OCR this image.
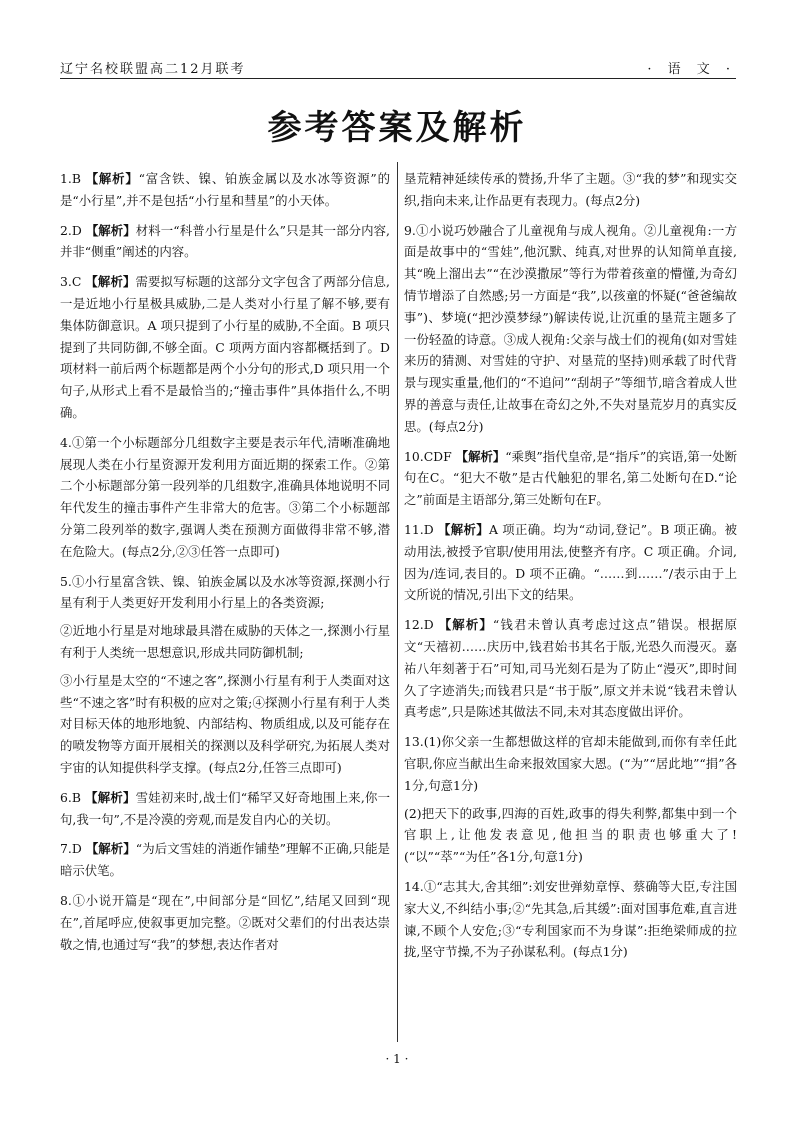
辽宁名校联盟高二12月联考	· 语 文 ·
参考答案及解析

1.B 【解析】“富含铁、镍、铂族金属以及水冰等资源”的是“小行星”,并不是包括“小行星和彗星”的小天体。

2.D 【解析】材料一“科普小行星是什么”只是其一部分内容,并非“侧重”阐述的内容。

3.C 【解析】需要拟写标题的这部分文字包含了两部分信息,一是近地小行星极具威胁,二是人类对小行星了解不够,要有集体防御意识。A 项只提到了小行星的威胁,不全面。B 项只提到了共同防御,不够全面。C 项两方面内容都概括到了。D 项材料一前后两个标题都是两个小分句的形式,D 项只用一个句子,从形式上看不是最恰当的;“撞击事件”具体指什么,不明确。

4.①第一个小标题部分几组数字主要是表示年代,清晰准确地展现人类在小行星资源开发利用方面近期的探索工作。②第二个小标题部分第一段列举的几组数字,准确具体地说明不同年代发生的撞击事件产生非常大的危害。③第二个小标题部分第二段列举的数字,强调人类在预测方面做得非常不够,潜在危险大。(每点2分,②③任答一点即可)

5.①小行星富含铁、镍、铂族金属以及水冰等资源,探测小行星有利于人类更好开发利用小行星上的各类资源;

②近地小行星是对地球最具潜在威胁的天体之一,探测小行星有利于人类统一思想意识,形成共同防御机制;

③小行星是太空的“不速之客”,探测小行星有利于人类面对这些“不速之客”时有积极的应对之策;④探测小行星有利于人类对目标天体的地形地貌、内部结构、物质组成,以及可能存在的喷发物等方面开展相关的探测以及科学研究,为拓展人类对宇宙的认知提供科学支撑。(每点2分,任答三点即可)

6.B 【解析】雪娃初来时,战士们“稀罕又好奇地围上来,你一句,我一句”,不是冷漠的旁观,而是发自内心的关切。

7.D 【解析】“为后文雪娃的消逝作铺垫”理解不正确,只能是暗示伏笔。

8.①小说开篇是“现在”,中间部分是“回忆”,结尾又回到“现在”,首尾呼应,使叙事更加完整。②既对父辈们的付出表达崇敬之情,也通过写“我”的梦想,表达作者对

垦荒精神延续传承的赞扬,升华了主题。③“我的梦”和现实交织,指向未来,让作品更有表现力。(每点2分)

9.①小说巧妙融合了儿童视角与成人视角。②儿童视角:一方面是故事中的“雪娃”,他沉默、纯真,对世界的认知简单直接,其“晚上溜出去”“在沙漠撒尿”等行为带着孩童的懵懂,为奇幻情节增添了自然感;另一方面是“我”,以孩童的怀疑(“爸爸编故事”)、梦境(“把沙漠梦绿”)解读传说,让沉重的垦荒主题多了一份轻盈的诗意。③成人视角:父亲与战士们的视角(如对雪娃来历的猜测、对雪娃的守护、对垦荒的坚持)则承载了时代背景与现实重量,他们的“不追问”“刮胡子”等细节,暗含着成人世界的善意与责任,让故事在奇幻之外,不失对垦荒岁月的真实反思。(每点2分)

10.CDF 【解析】“乘舆”指代皇帝,是“指斥”的宾语,第一处断句在C。“犯大不敬”是古代触犯的罪名,第二处断句在D.“论之”前面是主语部分,第三处断句在F。

11.D 【解析】A 项正确。均为“动词,登记”。B 项正确。被动用法,被授予官职/使用用法,使整齐有序。C 项正确。介词,因为/连词,表目的。D 项不正确。“……到……”/表示由于上文所说的情况,引出下文的结果。

12.D 【解析】“钱君未曾认真考虑过这点”错误。根据原文“天禧初……庆历中,钱君始书其名于版,光恐久而漫灭。嘉祐八年刻著于石”可知,司马光刻石是为了防止“漫灭”,即时间久了字迹消失;而钱君只是“书于版”,原文并未说“钱君未曾认真考虑”,只是陈述其做法不同,未对其态度做出评价。

13.(1)你父亲一生都想做这样的官却未能做到,而你有幸任此官职,你应当献出生命来报效国家大恩。(“为”“居此地”“捐”各1分,句意1分)

(2)把天下的政事,四海的百姓,政事的得失利弊,都集中到一个官职上,让他发表意见,他担当的职责也够重大了!(“以”“萃”“为任”各1分,句意1分)

14.①“志其大,舍其细”:刘安世弹劾章惇、蔡确等大臣,专注国家大义,不纠结小事;②“先其急,后其缓”:面对国事危难,直言进谏,不顾个人安危;③“专利国家而不为身谋”:拒绝梁师成的拉拢,坚守节操,不为子孙谋私利。(每点1分)

· 1 ·
